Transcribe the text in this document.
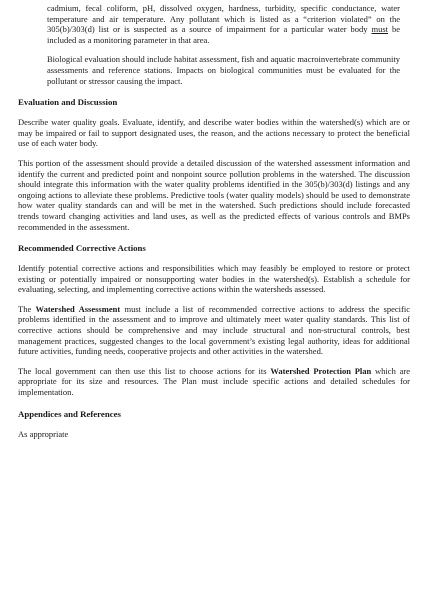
cadmium, fecal coliform, pH, dissolved oxygen, hardness, turbidity, specific conductance, water temperature and air temperature. Any pollutant which is listed as a “criterion violated” on the 305(b)/303(d) list or is suspected as a source of impairment for a particular water body must be included as a monitoring parameter in that area.

Biological evaluation should include habitat assessment, fish and aquatic macroinvertebrate community assessments and reference stations. Impacts on biological communities must be evaluated for the pollutant or stressor causing the impact.

Evaluation and Discussion

Describe water quality goals. Evaluate, identify, and describe water bodies within the watershed(s) which are or may be impaired or fail to support designated uses, the reason, and the actions necessary to protect the beneficial use of each water body.

This portion of the assessment should provide a detailed discussion of the watershed assessment information and identify the current and predicted point and nonpoint source pollution problems in the watershed. The discussion should integrate this information with the water quality problems identified in the 305(b)/303(d) listings and any ongoing actions to alleviate these problems. Predictive tools (water quality models) should be used to demonstrate how water quality standards can and will be met in the watershed. Such predictions should include forecasted trends toward changing activities and land uses, as well as the predicted effects of various controls and BMPs recommended in the assessment.

Recommended Corrective Actions

Identify potential corrective actions and responsibilities which may feasibly be employed to restore or protect existing or potentially impaired or nonsupporting water bodies in the watershed(s). Establish a schedule for evaluating, selecting, and implementing corrective actions within the watersheds assessed.

The Watershed Assessment must include a list of recommended corrective actions to address the specific problems identified in the assessment and to improve and ultimately meet water quality standards. This list of corrective actions should be comprehensive and may include structural and non-structural controls, best management practices, suggested changes to the local government’s existing legal authority, ideas for additional future activities, funding needs, cooperative projects and other activities in the watershed.

The local government can then use this list to choose actions for its Watershed Protection Plan which are appropriate for its size and resources. The Plan must include specific actions and detailed schedules for implementation.

Appendices and References

As appropriate
